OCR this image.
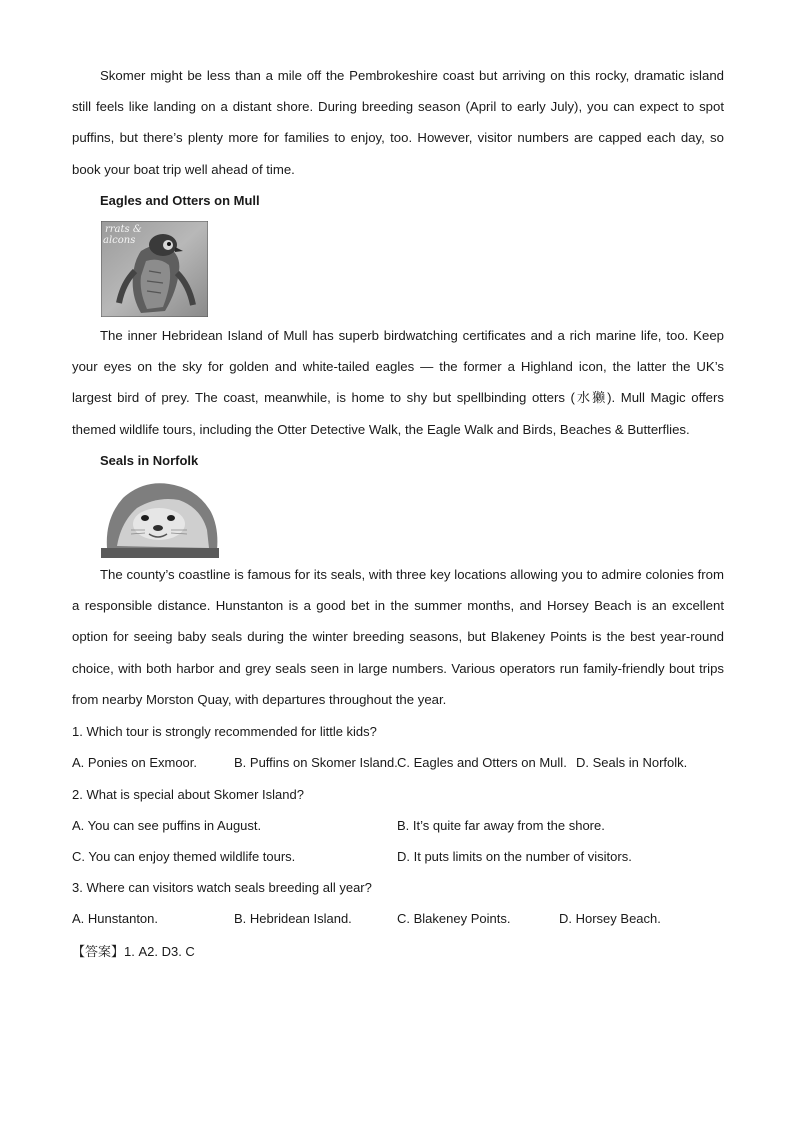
Skomer might be less than a mile off the Pembrokeshire coast but arriving on this rocky, dramatic island still feels like landing on a distant shore. During breeding season (April to early July), you can expect to spot puffins, but there’s plenty more for families to enjoy, too. However, visitor numbers are capped each day, so book your boat trip well ahead of time.

Eagles and Otters on Mull

rrats &
alcons

The inner Hebridean Island of Mull has superb birdwatching certificates and a rich marine life, too. Keep your eyes on the sky for golden and white-tailed eagles — the former a Highland icon, the latter the UK’s largest bird of prey. The coast, meanwhile, is home to shy but spellbinding otters (水獭). Mull Magic offers themed wildlife tours, including the Otter Detective Walk, the Eagle Walk and Birds, Beaches & Butterflies.

Seals in Norfolk

The county’s coastline is famous for its seals, with three key locations allowing you to admire colonies from a responsible distance. Hunstanton is a good bet in the summer months, and Horsey Beach is an excellent option for seeing baby seals during the winter breeding seasons, but Blakeney Points is the best year-round choice, with both harbor and grey seals seen in large numbers. Various operators run family-friendly bout trips from nearby Morston Quay, with departures throughout the year.

1. Which tour is strongly recommended for little kids?

A. Ponies on Exmoor.	B. Puffins on Skomer Island. C. Eagles and Otters on Mull. D. Seals in Norfolk.

2. What is special about Skomer Island?

A. You can see puffins in August.	B. It’s quite far away from the shore.

C. You can enjoy themed wildlife tours.	D. It puts limits on the number of visitors.

3. Where can visitors watch seals breeding all year?

A. Hunstanton.	B. Hebridean Island.	C. Blakeney Points.	D. Horsey Beach.

【答案】1. A2. D3. C
